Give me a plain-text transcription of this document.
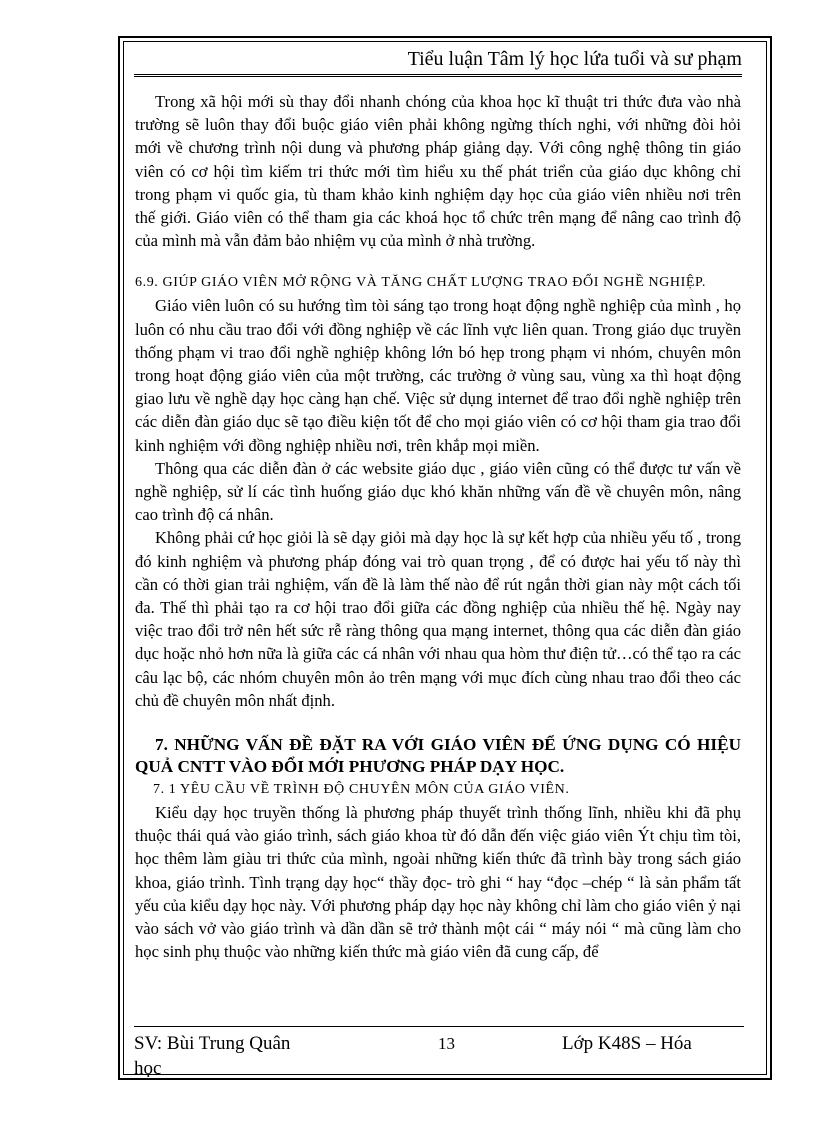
Tiểu luận Tâm lý học lứa tuổi và sư phạm

Trong xã hội mới sù thay đổi nhanh chóng của khoa học kĩ thuật tri thức đưa vào nhà trường sẽ luôn thay đổi buộc giáo viên phải không ngừng thích nghi, với những đòi hỏi mới về chương trình nội dung và phương pháp giảng dạy. Với công nghệ thông tin giáo viên có cơ hội tìm kiếm tri thức mới tìm hiểu xu thế phát triển của giáo dục không chỉ trong phạm vi quốc gia, tù tham khảo kinh nghiệm dạy học của giáo viên nhiều nơi trên thế giới. Giáo viên có thể tham gia các khoá học tổ chức trên mạng để nâng cao trình độ của mình mà vẫn đảm bảo nhiệm vụ của mình ở nhà trường.

6.9. GIÚP GIÁO VIÊN MỞ RỘNG VÀ TĂNG CHẤT LƯỢNG TRAO ĐỔI NGHỀ NGHIỆP.

Giáo viên luôn có su hướng tìm tòi sáng tạo trong hoạt động nghề nghiệp của mình , họ luôn có nhu cầu trao đổi với đồng nghiệp về các lĩnh vực liên quan. Trong giáo dục truyền thống phạm vi trao đổi nghề nghiệp không lớn bó hẹp trong phạm vi nhóm, chuyên môn trong hoạt động giáo viên của một trường, các trường ở vùng sau, vùng xa thì hoạt động giao lưu về nghề dạy học càng hạn chế. Việc sử dụng internet để trao đổi nghề nghiệp trên các diễn đàn giáo dục sẽ tạo điều kiện tốt để cho mọi giáo viên có cơ hội tham gia trao đổi kinh nghiệm với đồng nghiệp nhiều nơi, trên khắp mọi miền.

Thông qua các diễn đàn ở các website giáo dục , giáo viên cũng có thể được tư vấn về nghề nghiệp, sử lí các tình huống giáo dục khó khăn những vấn đề về chuyên môn, nâng cao trình độ cá nhân.

Không phải cứ học giỏi là sẽ dạy giỏi mà dạy học là sự kết hợp của nhiều yếu tố , trong đó kinh nghiệm và phương pháp đóng vai trò quan trọng , để có được hai yếu tố này thì cần có thời gian trải nghiệm, vấn đề là làm thế nào để rút ngắn thời gian này một cách tối đa. Thế thì phải tạo ra cơ hội trao đổi giữa các đồng nghiệp của nhiều thế hệ. Ngày nay việc trao đổi trở nên hết sức rễ ràng thông qua mạng internet, thông qua các diễn đàn giáo dục hoặc nhỏ hơn nữa là giữa các cá nhân với nhau qua hòm thư điện tử…có thể tạo ra các câu lạc bộ, các nhóm chuyên môn ảo trên mạng với mục đích cùng nhau trao đổi theo các chủ đề chuyên môn nhất định.

7. NHỮNG VẤN ĐỀ ĐẶT RA VỚI GIÁO VIÊN ĐỂ ỨNG DỤNG CÓ HIỆU QUẢ CNTT VÀO ĐỔI MỚI PHƯƠNG PHÁP DẠY HỌC.
7. 1 YÊU CẦU VỀ TRÌNH ĐỘ CHUYÊN MÔN CỦA GIÁO VIÊN.

Kiểu dạy học truyền thống là phương pháp thuyết trình thống lĩnh, nhiều khi đã phụ thuộc thái quá vào giáo trình, sách giáo khoa từ đó dẫn đến việc giáo viên Ýt chịu tìm tòi, học thêm làm giàu tri thức của mình, ngoài những kiến thức đã trình bày trong sách giáo khoa, giáo trình. Tình trạng dạy học“ thầy đọc- trò ghi “ hay “đọc –chép “ là sản phẩm tất yếu của kiểu dạy học này. Với phương pháp dạy học này không chỉ làm cho giáo viên ỷ nại vào sách vở vào giáo trình và dần dần sẽ trở thành một cái “ máy nói “ mà cũng làm cho học sinh phụ thuộc vào những kiến thức mà giáo viên đã cung cấp, để

SV: Bùi Trung Quân	13	Lớp K48S – Hóa
học
